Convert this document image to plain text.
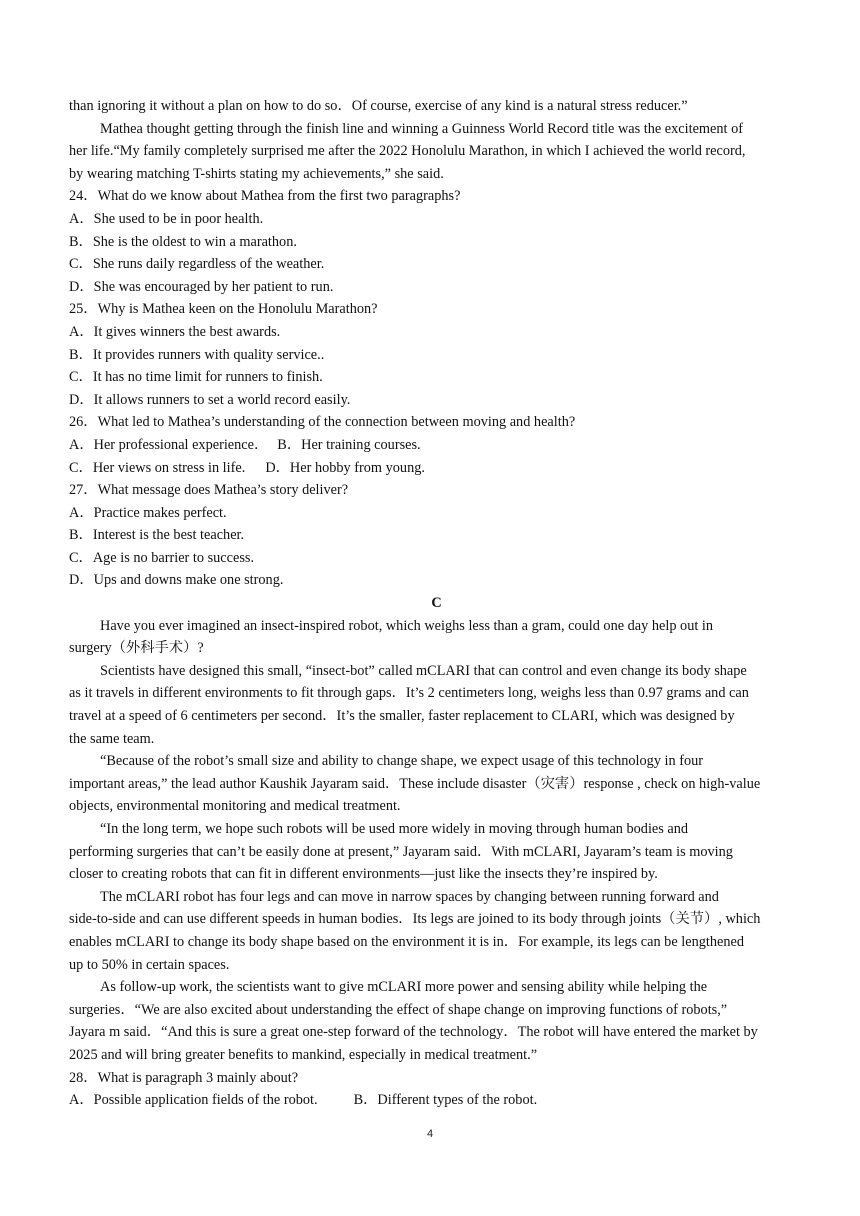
than ignoring it without a plan on how to do so．Of course, exercise of any kind is a natural stress reducer.”
Mathea thought getting through the finish line and winning a Guinness World Record title was the excitement of
her life.“My family completely surprised me after the 2022 Honolulu Marathon, in which I achieved the world record,
by wearing matching T-shirts stating my achievements,” she said.
24．What do we know about Mathea from the first two paragraphs?
A．She used to be in poor health.
B．She is the oldest to win a marathon.
C．She runs daily regardless of the weather.
D．She was encouraged by her patient to run.
25．Why is Mathea keen on the Honolulu Marathon?
A．It gives winners the best awards.
B．It provides runners with quality service..
C．It has no time limit for runners to finish.
D．It allows runners to set a world record easily.
26．What led to Mathea’s understanding of the connection between moving and health?
A．Her professional experience． B．Her training courses.
C．Her views on stress in life. D．Her hobby from young.
27．What message does Mathea’s story deliver?
A．Practice makes perfect.
B．Interest is the best teacher.
C．Age is no barrier to success.
D．Ups and downs make one strong.
C
Have you ever imagined an insect-inspired robot, which weighs less than a gram, could one day help out in
surgery（外科手术）?
Scientists have designed this small, “insect-bot” called mCLARI that can control and even change its body shape
as it travels in different environments to fit through gaps．It’s 2 centimeters long, weighs less than 0.97 grams and can
travel at a speed of 6 centimeters per second．It’s the smaller, faster replacement to CLARI, which was designed by
the same team.
“Because of the robot’s small size and ability to change shape, we expect usage of this technology in four
important areas,” the lead author Kaushik Jayaram said．These include disaster（灾害）response , check on high-value
objects, environmental monitoring and medical treatment.
“In the long term, we hope such robots will be used more widely in moving through human bodies and
performing surgeries that can’t be easily done at present,” Jayaram said．With mCLARI, Jayaram’s team is moving
closer to creating robots that can fit in different environments—just like the insects they’re inspired by.
The mCLARI robot has four legs and can move in narrow spaces by changing between running forward and
side-to-side and can use different speeds in human bodies．Its legs are joined to its body through joints（关节）, which
enables mCLARI to change its body shape based on the environment it is in．For example, its legs can be lengthened
up to 50% in certain spaces.
As follow-up work, the scientists want to give mCLARI more power and sensing ability while helping the
surgeries．“We are also excited about understanding the effect of shape change on improving functions of robots,”
Jayara m said．“And this is sure a great one-step forward of the technology．The robot will have entered the market by
2025 and will bring greater benefits to mankind, especially in medical treatment.”
28．What is paragraph 3 mainly about?
A．Possible application fields of the robot.	B．Different types of the robot.
4
